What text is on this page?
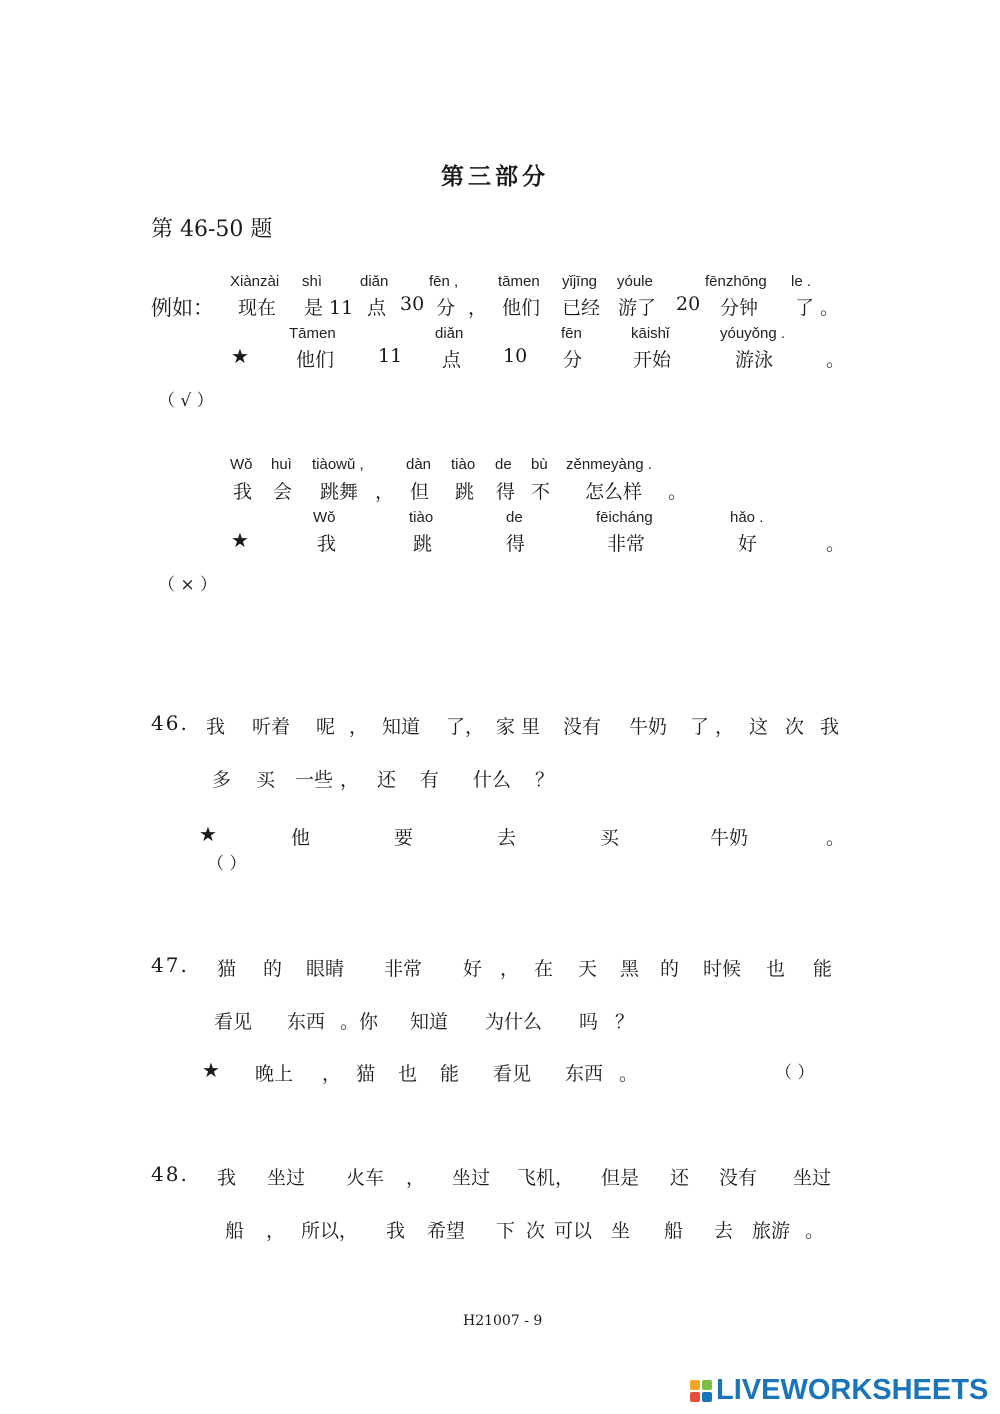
第三部分
第 46-50 题
例如：
Xiànzài shì	diǎn	fēn ,	tāmen yǐjīng yóule	fēnzhōng le .
现在 是 11 点 30 分 ， 他们 已经 游了 20 分钟 了 。
Tāmen	diǎn	fēn	kāishǐ	yóuyǒng .
★ 他们 11 点 10 分	开始	游泳	。
（ √ ）
Wǒ huì tiàowǔ ,	dàn tiào de bù zěnmeyàng .
我 会 跳舞 ， 但 跳 得 不 怎么样 。
Wǒ	tiào	de	fēicháng	hǎo .
★	我	跳	得	非常	好	。
（ × ）
46. 我 听着 呢 ， 知道 了， 家 里 没有 牛奶 了 ， 这 次 我
多 买 一些 ， 还 有 什么 ？
★	他	要	去	买	牛奶	。
（ ）
47. 猫 的 眼睛 非常 好 ， 在 天 黑 的 时候 也 能
看见 东西 。你 知道 为什么 吗 ？
★ 晚上 ， 猫 也 能 看见 东西 。	（ ）
48. 我 坐过 火车 ， 坐过 飞机， 但是 还 没有 坐过
船 ， 所以， 我 希望 下 次 可以 坐 船 去 旅游 。
H21007 - 9
LIVEWORKSHEETS
